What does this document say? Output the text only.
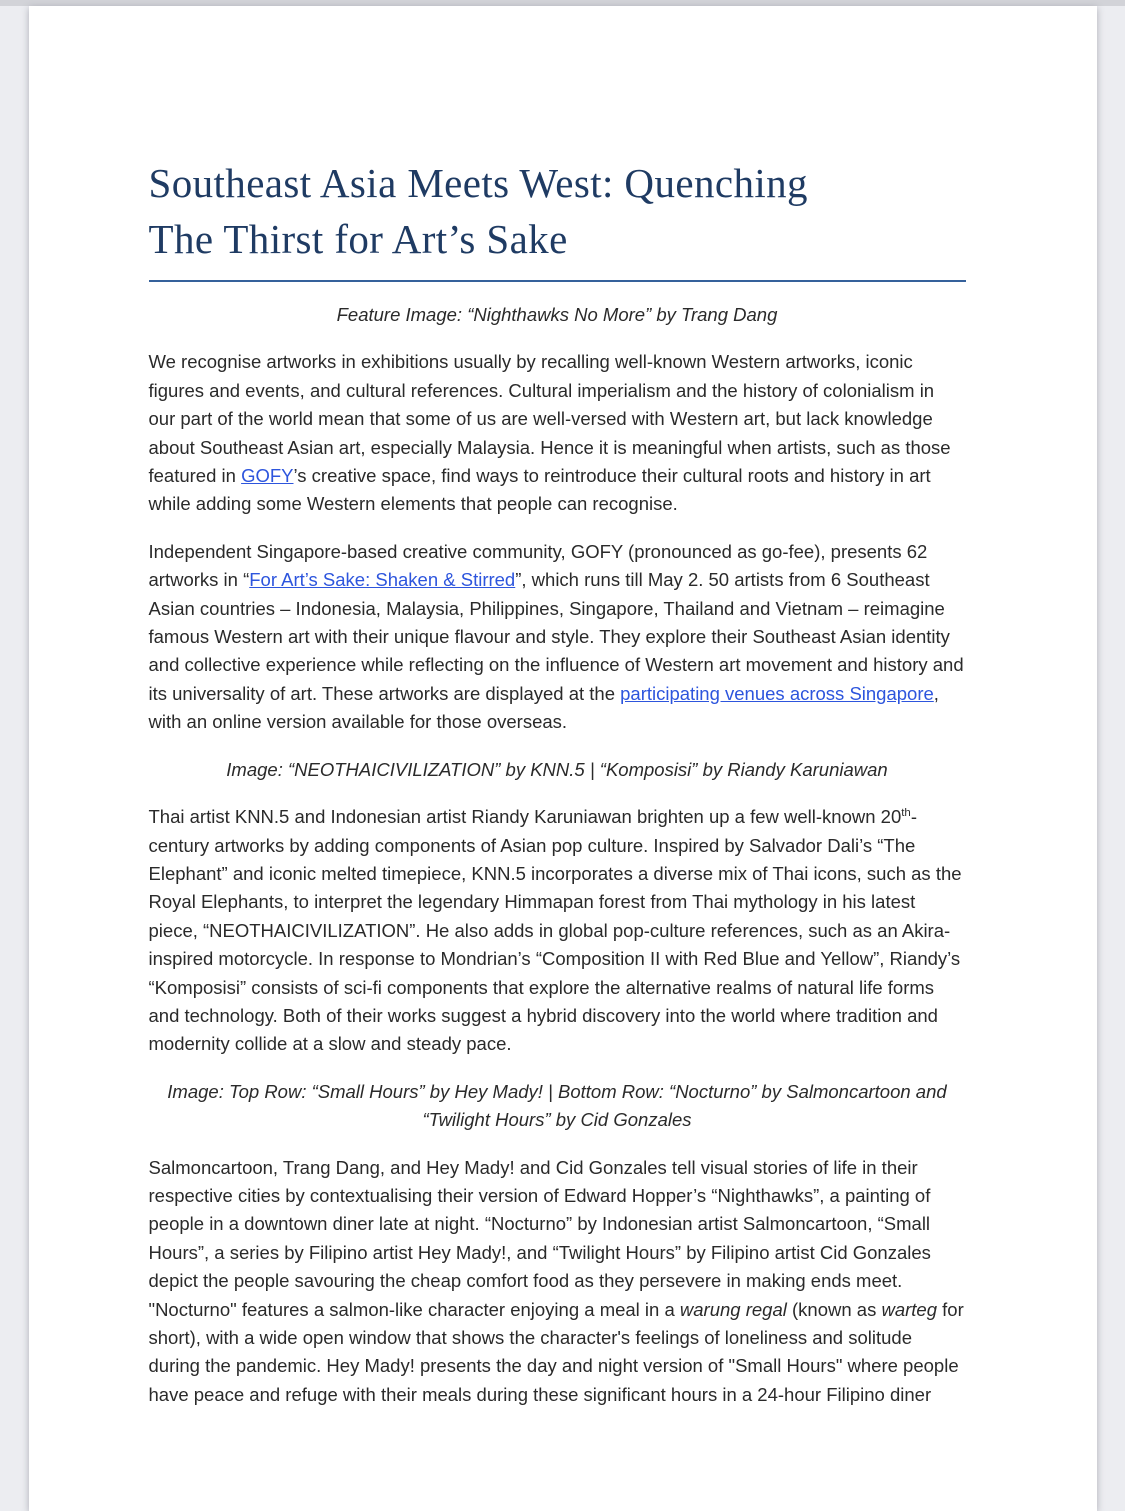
Southeast Asia Meets West: Quenching
The Thirst for Art’s Sake
Feature Image: “Nighthawks No More” by Trang Dang

We recognise artworks in exhibitions usually by recalling well-known Western artworks, iconic figures and events, and cultural references. Cultural imperialism and the history of colonialism in our part of the world mean that some of us are well-versed with Western art, but lack knowledge about Southeast Asian art, especially Malaysia. Hence it is meaningful when artists, such as those featured in GOFY’s creative space, find ways to reintroduce their cultural roots and history in art while adding some Western elements that people can recognise.

Independent Singapore-based creative community, GOFY (pronounced as go-fee), presents 62 artworks in “For Art’s Sake: Shaken & Stirred”, which runs till May 2. 50 artists from 6 Southeast Asian countries – Indonesia, Malaysia, Philippines, Singapore, Thailand and Vietnam – reimagine famous Western art with their unique flavour and style. They explore their Southeast Asian identity and collective experience while reflecting on the influence of Western art movement and history and its universality of art. These artworks are displayed at the participating venues across Singapore, with an online version available for those overseas.

Image: “NEOTHAICIVILIZATION” by KNN.5 | “Komposisi” by Riandy Karuniawan

Thai artist KNN.5 and Indonesian artist Riandy Karuniawan brighten up a few well-known 20th-century artworks by adding components of Asian pop culture. Inspired by Salvador Dali’s “The Elephant” and iconic melted timepiece, KNN.5 incorporates a diverse mix of Thai icons, such as the Royal Elephants, to interpret the legendary Himmapan forest from Thai mythology in his latest piece, “NEOTHAICIVILIZATION”. He also adds in global pop-culture references, such as an Akira-inspired motorcycle. In response to Mondrian’s “Composition II with Red Blue and Yellow”, Riandy’s “Komposisi” consists of sci-fi components that explore the alternative realms of natural life forms and technology. Both of their works suggest a hybrid discovery into the world where tradition and modernity collide at a slow and steady pace.

Image: Top Row: “Small Hours” by Hey Mady! | Bottom Row: “Nocturno” by Salmoncartoon and “Twilight Hours” by Cid Gonzales

Salmoncartoon, Trang Dang, and Hey Mady! and Cid Gonzales tell visual stories of life in their respective cities by contextualising their version of Edward Hopper’s “Nighthawks”, a painting of people in a downtown diner late at night. “Nocturno” by Indonesian artist Salmoncartoon, “Small Hours”, a series by Filipino artist Hey Mady!, and “Twilight Hours” by Filipino artist Cid Gonzales depict the people savouring the cheap comfort food as they persevere in making ends meet. "Nocturno" features a salmon-like character enjoying a meal in a warung regal (known as warteg for short), with a wide open window that shows the character's feelings of loneliness and solitude during the pandemic. Hey Mady! presents the day and night version of "Small Hours" where people have peace and refuge with their meals during these significant hours in a 24-hour Filipino diner
